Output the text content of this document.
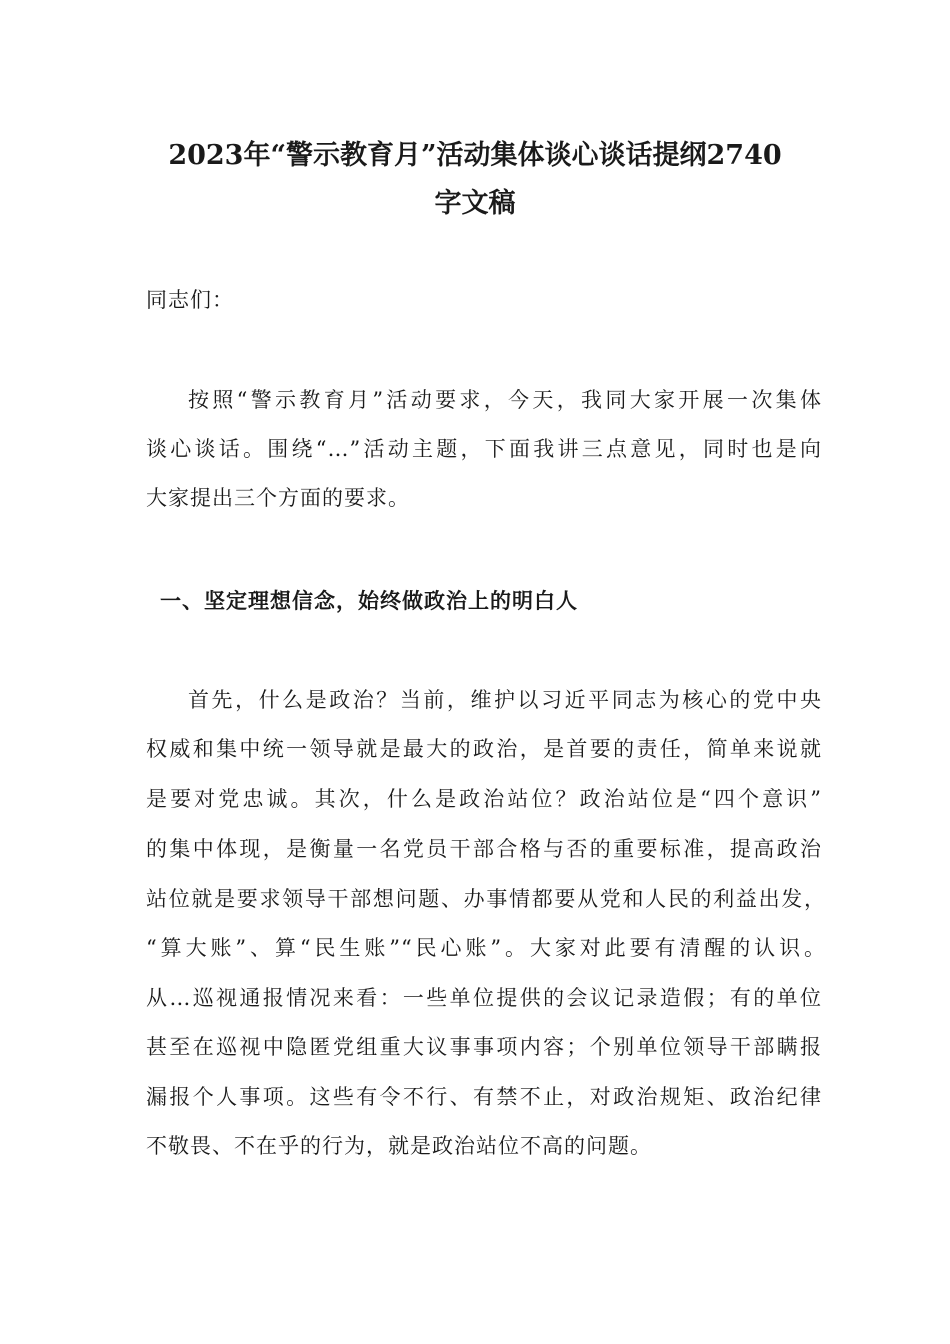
2023年“警示教育月”活动集体谈心谈话提纲2740
字文稿
同志们：
按照“警示教育月”活动要求，今天，我同大家开展一次集体
谈心谈话。围绕“…”活动主题，下面我讲三点意见，同时也是向
大家提出三个方面的要求。
一、坚定理想信念，始终做政治上的明白人
首先，什么是政治？当前，维护以习近平同志为核心的党中央
权威和集中统一领导就是最大的政治，是首要的责任，简单来说就
是要对党忠诚。其次，什么是政治站位？政治站位是“四个意识”
的集中体现，是衡量一名党员干部合格与否的重要标准，提高政治
站位就是要求领导干部想问题、办事情都要从党和人民的利益出发，
“算大账”、算“民生账”“民心账”。大家对此要有清醒的认识。
从…巡视通报情况来看：一些单位提供的会议记录造假；有的单位
甚至在巡视中隐匿党组重大议事事项内容；个别单位领导干部瞒报
漏报个人事项。这些有令不行、有禁不止，对政治规矩、政治纪律
不敬畏、不在乎的行为，就是政治站位不高的问题。
